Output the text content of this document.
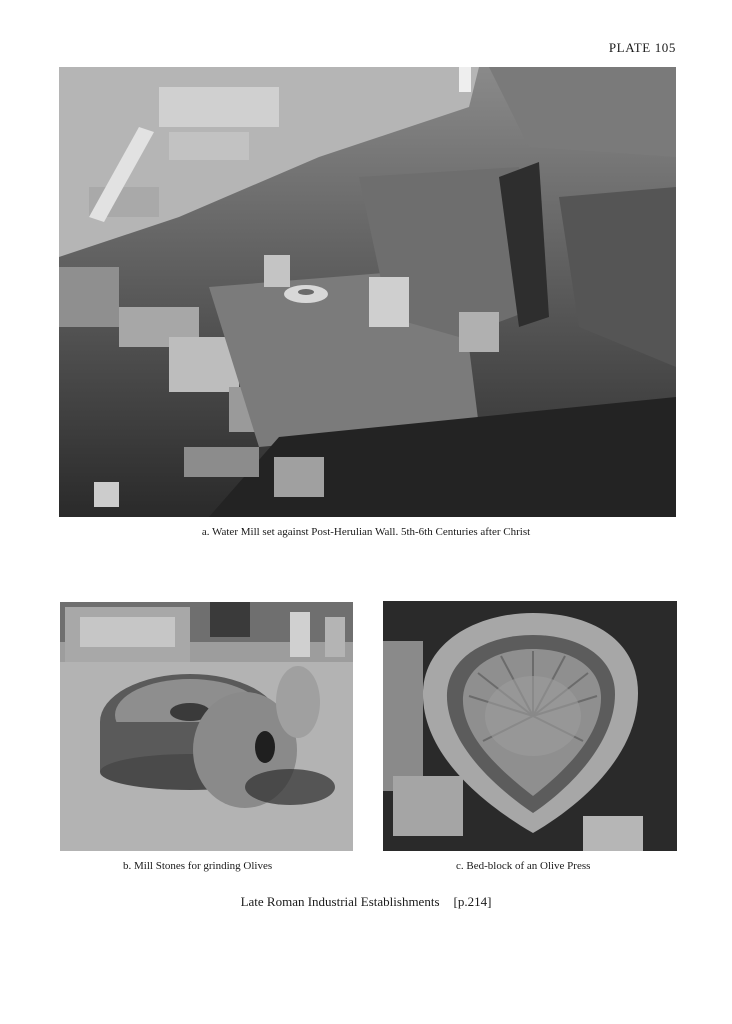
PLATE 105
a. Water Mill set against Post-Herulian Wall. 5th-6th Centuries after Christ
b. Mill Stones for grinding Olives	c. Bed-block of an Olive Press
Late Roman Industrial Establishments [p.214]
